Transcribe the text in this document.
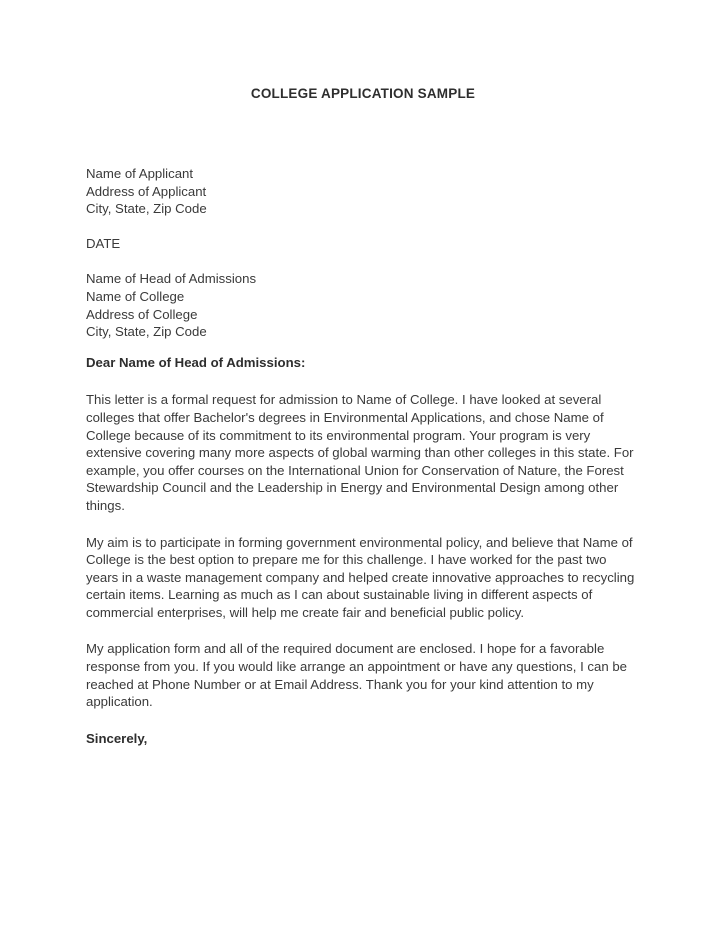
COLLEGE APPLICATION SAMPLE

Name of Applicant

Address of Applicant

City, State, Zip Code

DATE

Name of Head of Admissions

Name of College

Address of College

City, State, Zip Code

Dear Name of Head of Admissions:

This letter is a formal request for admission to Name of College. I have looked at several colleges that offer Bachelor's degrees in Environmental Applications, and chose Name of College because of its commitment to its environmental program. Your program is very extensive covering many more aspects of global warming than other colleges in this state. For example, you offer courses on the International Union for Conservation of Nature, the Forest Stewardship Council and the Leadership in Energy and Environmental Design among other things.

My aim is to participate in forming government environmental policy, and believe that Name of College is the best option to prepare me for this challenge. I have worked for the past two years in a waste management company and helped create innovative approaches to recycling certain items. Learning as much as I can about sustainable living in different aspects of commercial enterprises, will help me create fair and beneficial public policy.

My application form and all of the required document are enclosed. I hope for a favorable response from you. If you would like arrange an appointment or have any questions, I can be reached at Phone Number or at Email Address. Thank you for your kind attention to my application.

Sincerely,
